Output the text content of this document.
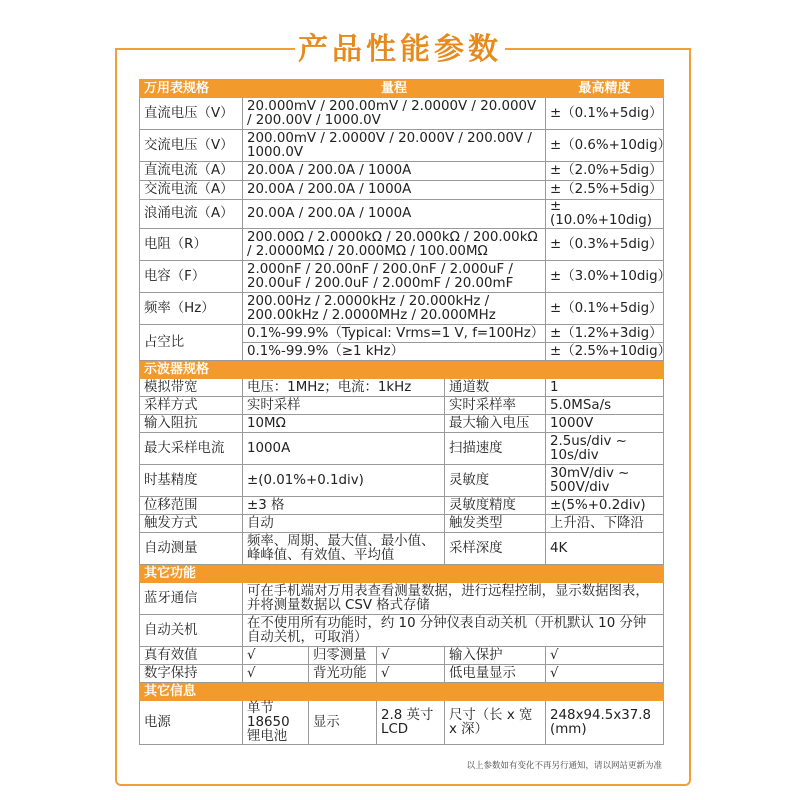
产品性能参数
万用表规格	量程				最高精度
直流电压（V）	20.000mV / 200.00mV / 2.0000V / 20.000V / 200.00V / 1000.0V				±（0.1%+5dig）
交流电压（V）	200.00mV / 2.0000V / 20.000V / 200.00V / 1000.0V				±（0.6%+10dig）
直流电流（A）	20.00A / 200.0A / 1000A				±（2.0%+5dig）
交流电流（A）	20.00A / 200.0A / 1000A				±（2.5%+5dig）
浪涌电流（A）	20.00A / 200.0A / 1000A				±(10.0%+10dig)
电阻（R）	200.00Ω / 2.0000kΩ / 20.000kΩ / 200.00kΩ / 2.0000MΩ / 20.000MΩ / 100.00MΩ				±（0.3%+5dig）
电容（F）	2.000nF / 20.00nF / 200.0nF / 2.000uF / 20.00uF / 200.0uF / 2.000mF / 20.00mF				±（3.0%+10dig）
频率（Hz）	200.00Hz / 2.0000kHz / 20.000kHz / 200.00kHz / 2.0000MHz / 20.000MHz				±（0.1%+5dig）
占空比	0.1%-99.9%（Typical: Vrms=1 V, f=100Hz）				±（1.2%+3dig）
	0.1%-99.9%（≥1 kHz）				±（2.5%+10dig）
示波器规格					
模拟带宽	电压：1MHz；电流：1kHz			通道数	1
采样方式	实时采样			实时采样率	5.0MSa/s
输入阻抗	10MΩ			最大输入电压	1000V
最大采样电流	1000A			扫描速度	2.5us/div ~ 10s/div
时基精度	±(0.01%+0.1div)			灵敏度	30mV/div ~ 500V/div
位移范围	±3 格			灵敏度精度	±(5%+0.2div)
触发方式	自动			触发类型	上升沿、下降沿
自动测量	频率、周期、最大值、最小值、峰峰值、有效值、平均值			采样深度	4K
其它功能					
蓝牙通信	可在手机端对万用表查看测量数据，进行远程控制，显示数据图表，并将测量数据以 CSV 格式存储				
自动关机	在不使用所有功能时，约 10 分钟仪表自动关机（开机默认 10 分钟自动关机，可取消）				
真有效值	√	归零测量	√	输入保护	√
数字保持	√	背光功能	√	低电量显示	√
其它信息					
电源	单节 18650 锂电池	显示	2.8 英寸 LCD	尺寸（长 x 宽 x 深）	248x94.5x37.8 (mm)
以上参数如有变化不再另行通知，请以网站更新为准
